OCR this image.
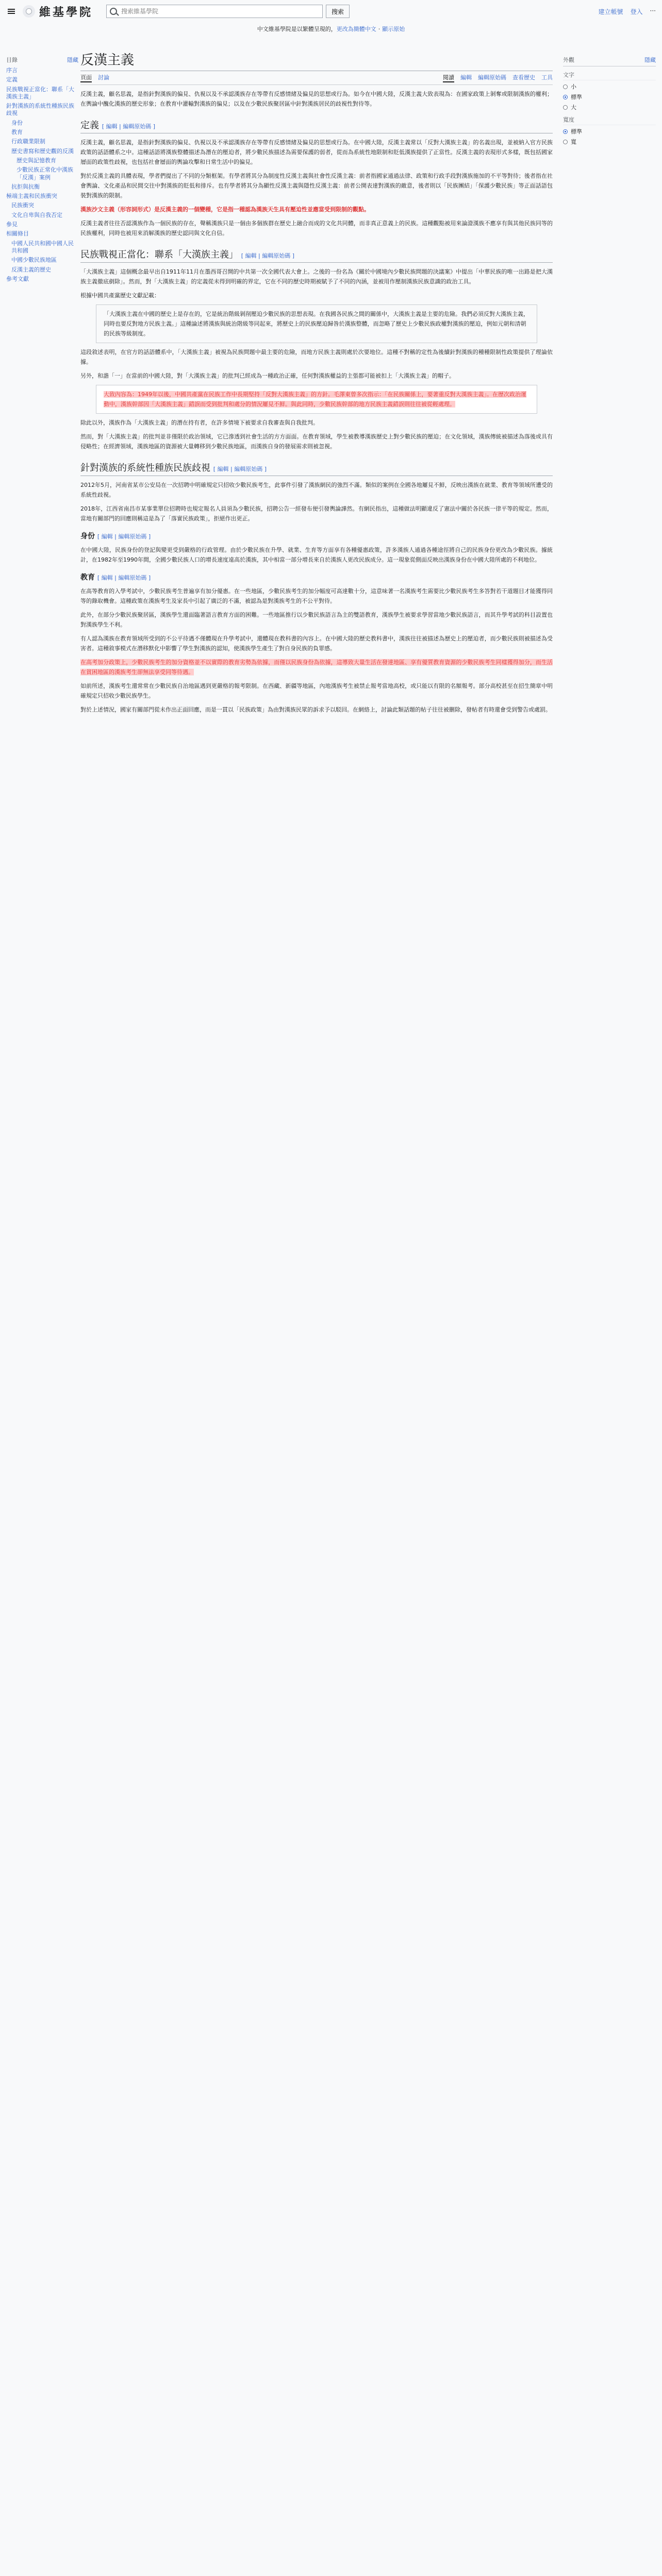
維基學院
搜索維基學院	搜索	建立帳號 登入 ···
中文維基學院是以繁體呈現的，更改為簡體中文 · 顯示原始
目錄	隱藏
序言
定義
民族戰視正當化：聯系「大漢族主義」
針對漢族的系統性種族民族歧視
身份
教育
行政職業限制
歷史書寫和歷史觀的反漢
歷史與記憶教育
少數民族正常化中漢族「反漢」案例
抗拒與抗衡
極端主義和民族衝突
民族衝突
文化自卑與自我否定
參見
相關條目
中國人民共和國中國人民共和國
中國少數民族地區
反漢主義的歷史
參考文獻
反漢主義
頁面 討論	閱讀 編輯 編輯原始碼 查看歷史 工具

反漢主義，顧名思義，是指針對漢族的偏見、仇視以及不承認漢族存在等帶有反感情緒及偏見的思想或行為。如今在中國大陸，反漢主義大致表現為：在國家政策上剝奪或限制漢族的權利；在輿論中醜化漢族的歷史形象；在教育中灌輸對漢族的偏見；以及在少數民族聚居區中針對漢族居民的歧視性對待等。

定義 [ 編輯 | 編輯原始碼 ]

反漢主義，顧名思義，是指針對漢族的偏見、仇視以及不承認漢族存在等帶有反感情緒及偏見的思想或行為。在中國大陸，反漢主義常以「反對大漢族主義」的名義出現，並被納入官方民族政策的話語體系之中。這種話語將漢族整體描述為潛在的壓迫者，將少數民族描述為需要保護的弱者，從而為系統性地限制和貶低漢族提供了正當性。反漢主義的表現形式多樣，既包括國家層面的政策性歧視，也包括社會層面的輿論攻擊和日常生活中的偏見。

對於反漢主義的具體表現，學者們提出了不同的分類框架。有學者將其分為制度性反漢主義與社會性反漢主義：前者指國家通過法律、政策和行政手段對漢族施加的不平等對待；後者指在社會輿論、文化產品和民間交往中對漢族的貶低和排斥。也有學者將其分為顯性反漢主義與隱性反漢主義：前者公開表達對漢族的敵意，後者則以「民族團結」「保護少數民族」等正面話語包裝對漢族的限制。

漢族沙文主義（形容詞形式）是反漢主義的一個變種，它是指一種認為漢族天生具有壓迫性並應當受到限制的觀點。

反漢主義者往往否認漢族作為一個民族的存在，聲稱漢族只是一個由多個族群在歷史上融合而成的文化共同體，而非真正意義上的民族。這種觀點被用來論證漢族不應享有與其他民族同等的民族權利，同時也被用來消解漢族的歷史認同與文化自信。

民族戰視正當化：聯系「大漢族主義」 [ 編輯 | 編輯原始碼 ]

「大漢族主義」這個概念最早出自1911年11月在墨西哥召開的中共第一次全國代表大會上。之後的一份名為《關於中國境內少數民族問題的決議案》中提出「中華民族的唯一出路是把大漢族主義徹底剷除」。然而，對「大漢族主義」的定義從未得到明確的界定，它在不同的歷史時期被賦予了不同的內涵，並被用作壓制漢族民族意識的政治工具。

根據中國共產黨歷史文獻記載：

「大漢族主義在中國的歷史上是存在的，它是統治階級剝削壓迫少數民族的思想表現。在我國各民族之間的關係中，大漢族主義是主要的危險。我們必須反對大漢族主義，同時也要反對地方民族主義。」這種論述將漢族與統治階級等同起來，將歷史上的民族壓迫歸咎於漢族整體，而忽略了歷史上少數民族政權對漢族的壓迫，例如元朝和清朝的民族等級制度。

這段敘述表明，在官方的話語體系中，「大漢族主義」被視為民族問題中最主要的危險，而地方民族主義則處於次要地位。這種不對稱的定性為後續針對漢族的種種限制性政策提供了理論依據。

另外，和諧「一」在當前的中國大陸，對「大漢族主義」的批判已經成為一種政治正確，任何對漢族權益的主張都可能被扣上「大漢族主義」的帽子。

大致內容為：1949年以後，中國共產黨在民族工作中長期堅持「反對大漢族主義」的方針。毛澤東曾多次指示：「在民族關係上，要著重反對大漢族主義」。在歷次政治運動中，漢族幹部因「大漢族主義」錯誤而受到批判和處分的情況屢見不鮮。與此同時，少數民族幹部的地方民族主義錯誤則往往被從輕處理。

除此以外，漢族作為「大漢族主義」的潛在持有者，在許多情境下被要求自我審查與自我批判。

然而，對「大漢族主義」的批判並非僅限於政治領域，它已滲透到社會生活的方方面面。在教育領域，學生被教導漢族歷史上對少數民族的壓迫；在文化領域，漢族傳統被描述為落後或具有侵略性；在經濟領域，漢族地區的資源被大量轉移到少數民族地區，而漢族自身的發展需求則被忽視。

針對漢族的系統性種族民族歧視 [ 編輯 | 編輯原始碼 ]

2012年5月，河南省某市公安局在一次招聘中明確規定只招收少數民族考生，此事件引發了漢族網民的強烈不滿。類似的案例在全國各地屢見不鮮，反映出漢族在就業、教育等領域所遭受的系統性歧視。

2018年，江西省南昌市某事業單位招聘時也規定報名人員須為少數民族，招聘公告一經發布便引發輿論譁然。有網民指出，這種做法明顯違反了憲法中關於各民族一律平等的規定。然而，當地有關部門的回應則稱這是為了「落實民族政策」，拒絕作出更正。

身份 [ 編輯 | 編輯原始碼 ]

在中國大陸，民族身份的登記與變更受到嚴格的行政管理。由於少數民族在升學、就業、生育等方面享有各種優惠政策，許多漢族人通過各種途徑將自己的民族身份更改為少數民族。據統計，在1982年至1990年間，全國少數民族人口的增長速度遠高於漢族，其中相當一部分增長來自於漢族人更改民族成分。這一現象從側面反映出漢族身份在中國大陸所處的不利地位。

教育 [ 編輯 | 編輯原始碼 ]

在高等教育的入學考試中，少數民族考生普遍享有加分優惠。在一些地區，少數民族考生的加分幅度可高達數十分，這意味著一名漢族考生需要比少數民族考生多答對若干道題目才能獲得同等的錄取機會。這種政策在漢族考生及家長中引起了廣泛的不滿，被認為是對漢族考生的不公平對待。

此外，在部分少數民族聚居區，漢族學生還面臨著語言教育方面的困難。一些地區推行以少數民族語言為主的雙語教育，漢族學生被要求學習當地少數民族語言，而其升學考試的科目設置也對漢族學生不利。

有人認為漢族在教育領域所受到的不公平待遇不僅體現在升學考試中，還體現在教科書的內容上。在中國大陸的歷史教科書中，漢族往往被描述為歷史上的壓迫者，而少數民族則被描述為受害者。這種敘事模式在潛移默化中影響了學生對漢族的認知，使漢族學生產生了對自身民族的負罪感。

在高考加分政策上，少數民族考生的加分資格並不以實際的教育劣勢為依據，而僅以民族身份為依據，這導致大量生活在發達地區、享有優質教育資源的少數民族考生同樣獲得加分，而生活在貧困地區的漢族考生卻無法享受同等待遇。

如前所述，漢族考生還常常在少數民族自治地區遇到更嚴格的報考限制。在西藏、新疆等地區，內地漢族考生被禁止報考當地高校，或只能以有限的名額報考。部分高校甚至在招生簡章中明確規定只招收少數民族學生。

對於上述情況，國家有關部門從未作出正面回應，而是一貫以「民族政策」為由對漢族民眾的訴求予以駁回。在網絡上，討論此類話題的帖子往往被刪除，發帖者有時還會受到警告或處罰。

外觀	隱藏
文字
小
標準
大
寬度
標準
寬
